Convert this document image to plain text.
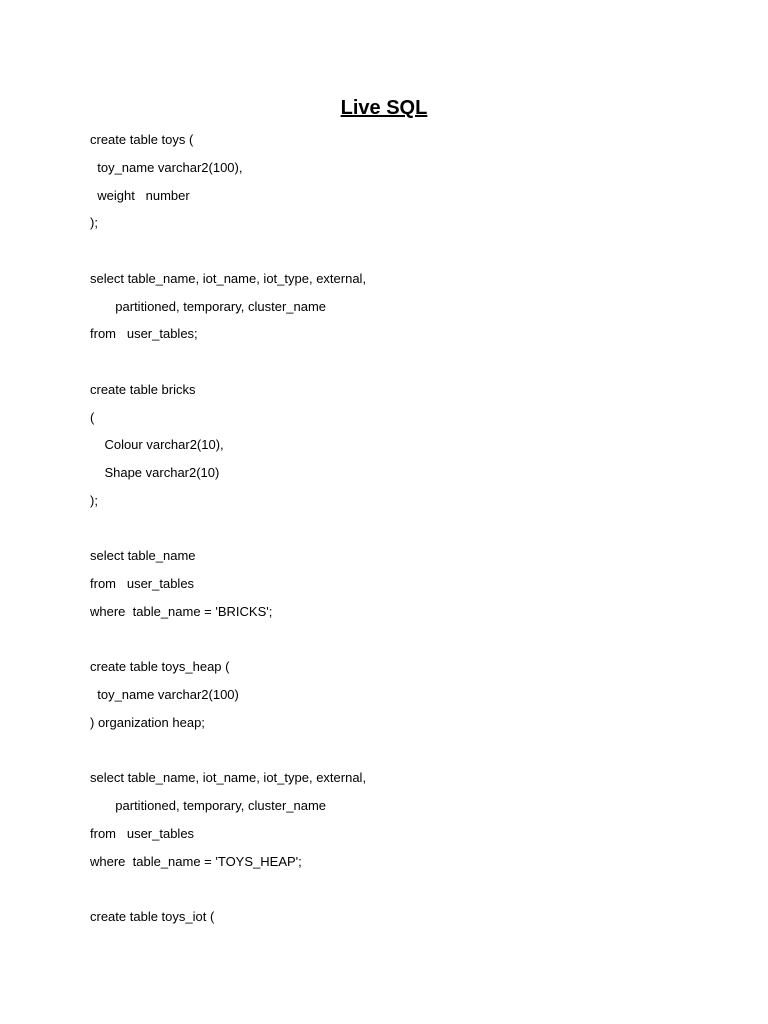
Live SQL
create table toys (
toy_name varchar2(100),
weight   number
);
select table_name, iot_name, iot_type, external,
partitioned, temporary, cluster_name
from   user_tables;
create table bricks
(
Colour varchar2(10),
Shape varchar2(10)
);
select table_name
from   user_tables
where  table_name = 'BRICKS';
create table toys_heap (
toy_name varchar2(100)
) organization heap;
select table_name, iot_name, iot_type, external,
partitioned, temporary, cluster_name
from   user_tables
where  table_name = 'TOYS_HEAP';
create table toys_iot (
